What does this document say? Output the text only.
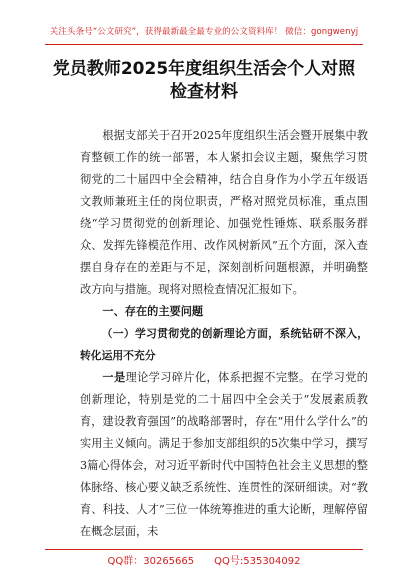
关注头条号“公文研究”，获得最新最全最专业的公文资料库！ 微信：gongwenyj
党员教师2025年度组织生活会个人对照
检查材料

根据支部关于召开2025年度组织生活会暨开展集中教育整顿工作的统一部署，本人紧扣会议主题，聚焦学习贯彻党的二十届四中全会精神，结合自身作为小学五年级语文教师兼班主任的岗位职责，严格对照党员标准，重点围绕“学习贯彻党的创新理论、加强党性锤炼、联系服务群众、发挥先锋模范作用、改作风树新风”五个方面，深入查摆自身存在的差距与不足，深刻剖析问题根源，并明确整改方向与措施。现将对照检查情况汇报如下。

一、存在的主要问题

（一）学习贯彻党的创新理论方面，系统钻研不深入，转化运用不充分

一是理论学习碎片化，体系把握不完整。在学习党的创新理论，特别是党的二十届四中全会关于“发展素质教育，建设教育强国”的战略部署时，存在“用什么学什么”的实用主义倾向。满足于参加支部组织的5次集中学习，撰写3篇心得体会，对习近平新时代中国特色社会主义思想的整体脉络、核心要义缺乏系统性、连贯性的深研细读。对“教育、科技、人才”三位一体统筹推进的重大论断，理解停留在概念层面，未

QQ群：30265665 QQ号:535304092
